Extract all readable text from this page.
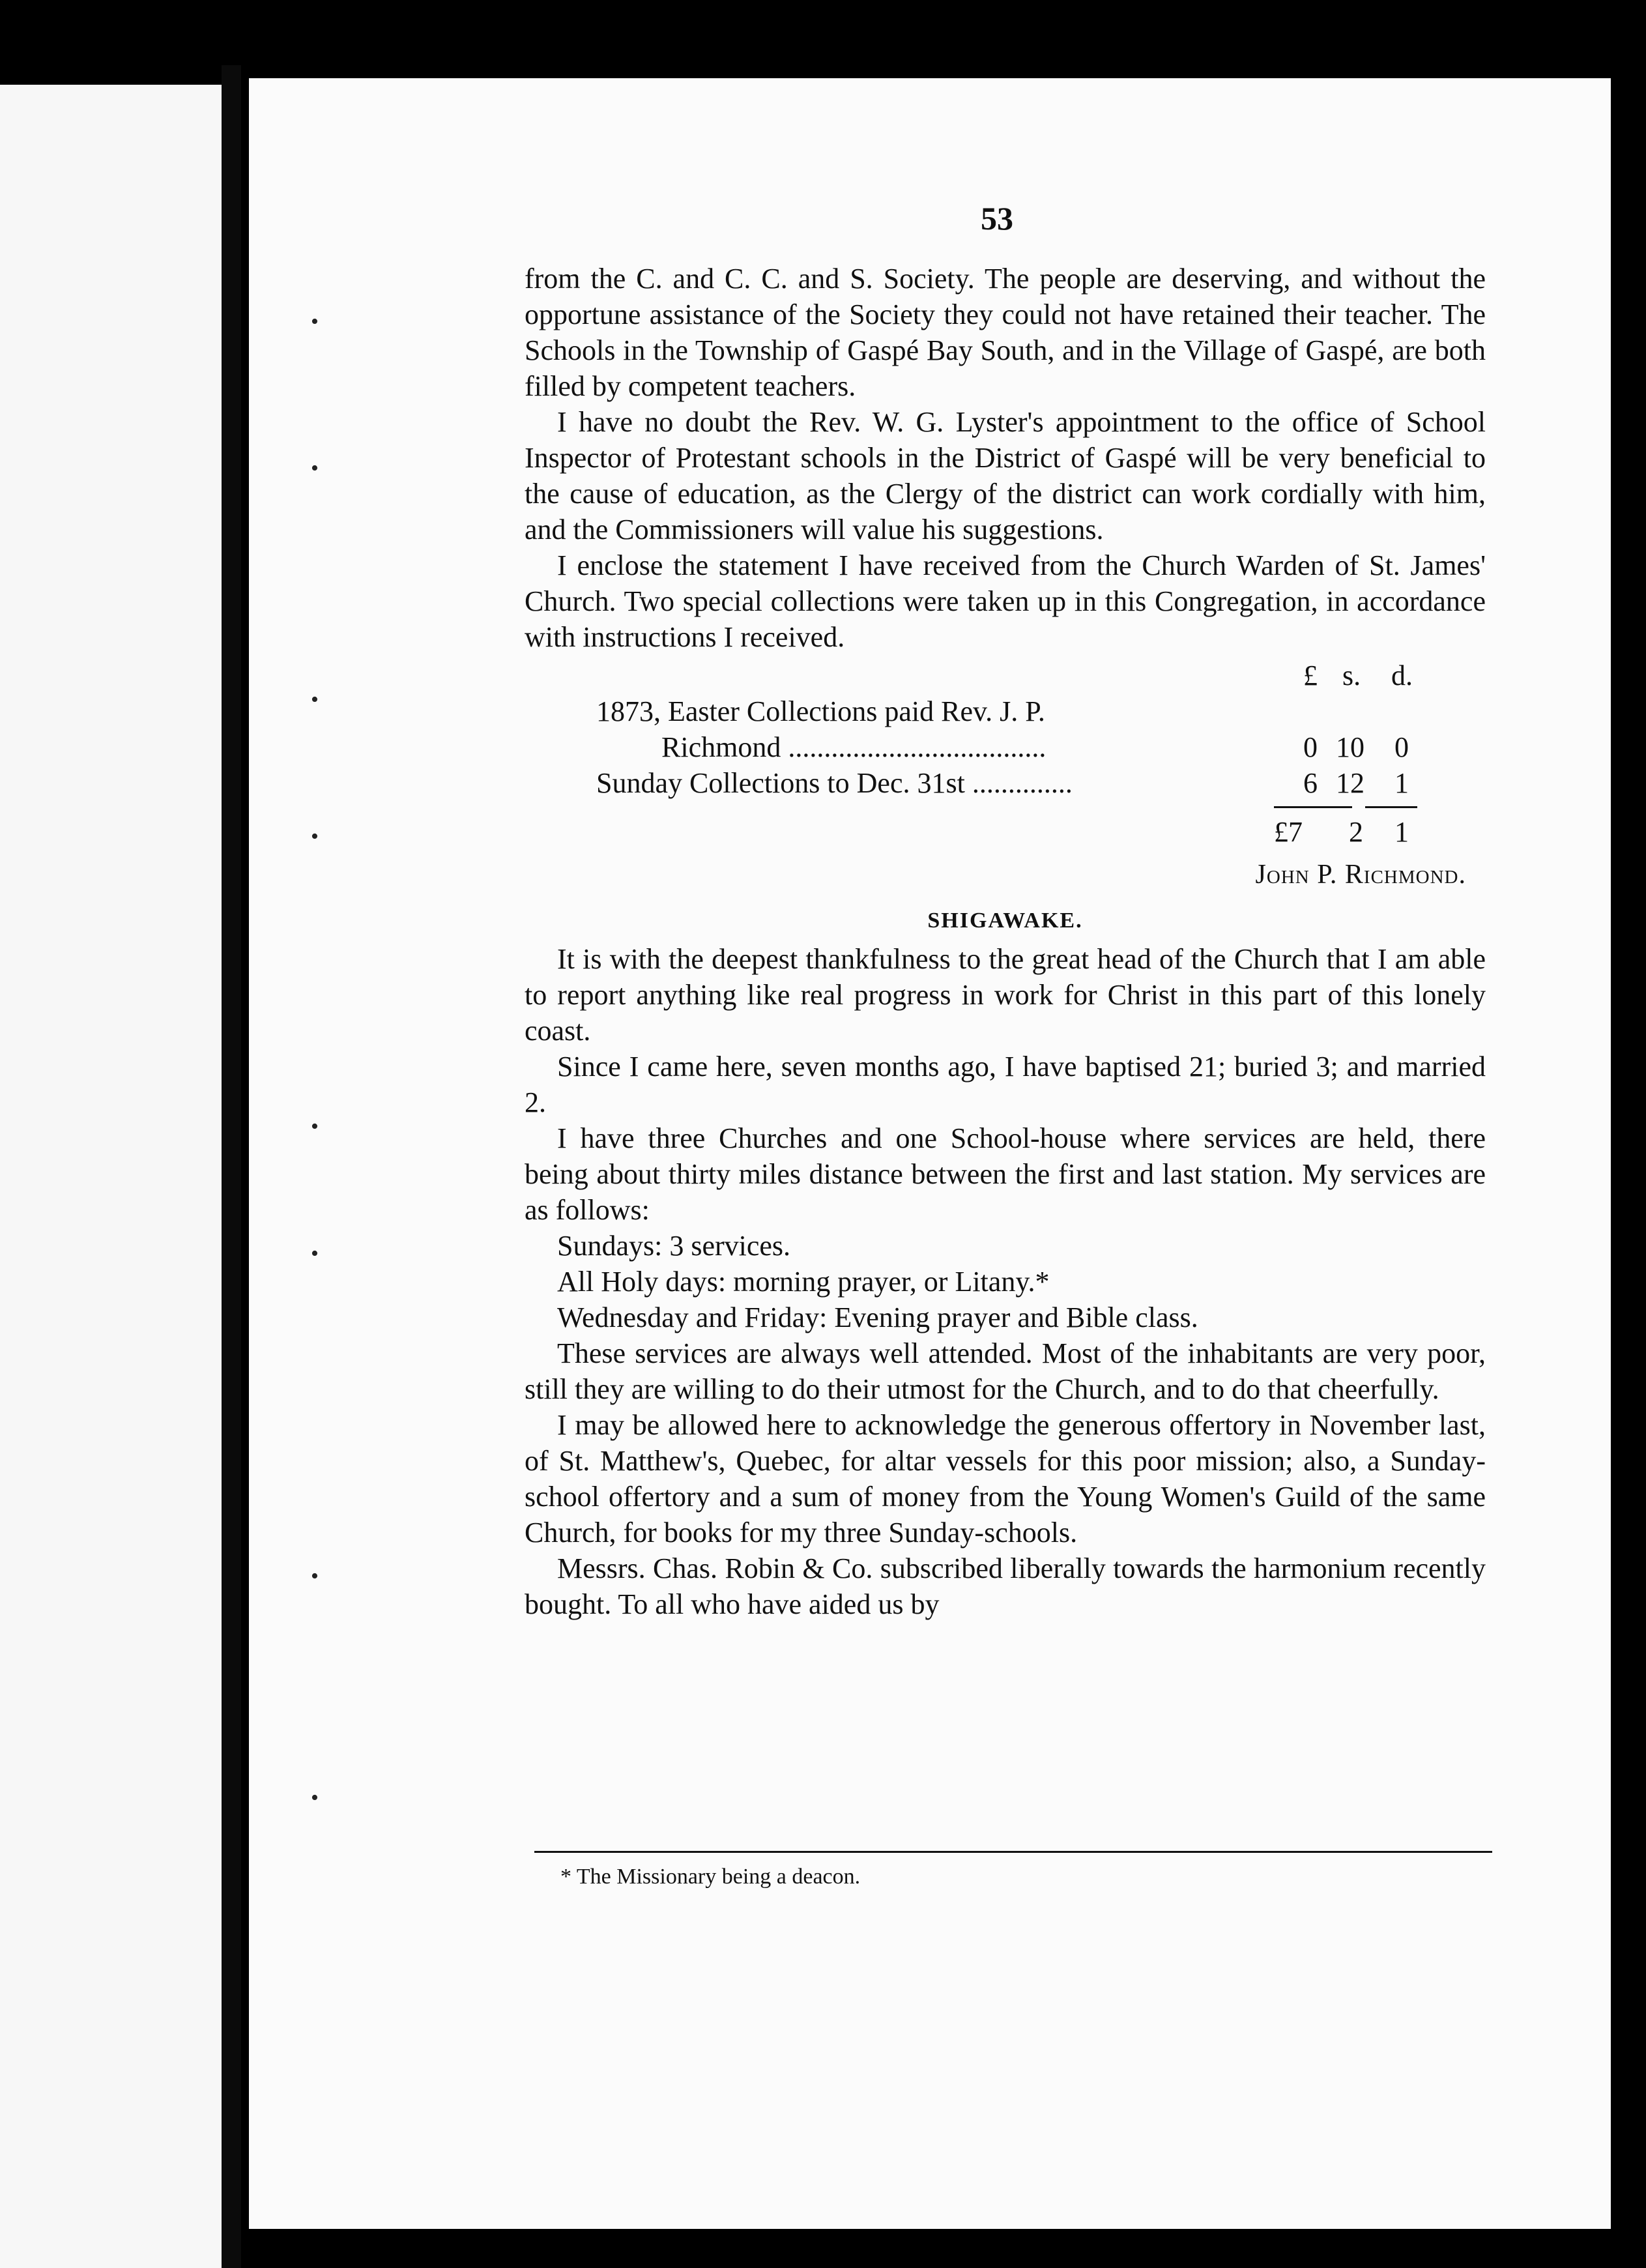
•
•
•
•
•
•
•
•
53

from the C. and C. C. and S. Society. The people are deserving, and without the opportune assistance of the Society they could not have retained their teacher. The Schools in the Township of Gaspé Bay South, and in the Village of Gaspé, are both filled by competent teachers.

I have no doubt the Rev. W. G. Lyster's appointment to the office of School Inspector of Protestant schools in the District of Gaspé will be very beneficial to the cause of education, as the Clergy of the district can work cordially with him, and the Commissioners will value his suggestions.

I enclose the statement I have received from the Church Warden of St. James' Church. Two special collections were taken up in this Congregation, in accordance with instructions I received.

£ s. d.
1873, Easter Collections paid Rev. J. P.
Richmond ....................................	0 10 0
Sunday Collections to Dec. 31st ..............	6 12 1
£7 2 1
John P. Richmond.
SHIGAWAKE.

It is with the deepest thankfulness to the great head of the Church that I am able to report anything like real progress in work for Christ in this part of this lonely coast.

Since I came here, seven months ago, I have baptised 21; buried 3; and married 2.

I have three Churches and one School-house where services are held, there being about thirty miles distance between the first and last station. My services are as follows:

Sundays: 3 services.

All Holy days: morning prayer, or Litany.*

Wednesday and Friday: Evening prayer and Bible class.

These services are always well attended. Most of the inhabitants are very poor, still they are willing to do their utmost for the Church, and to do that cheerfully.

I may be allowed here to acknowledge the generous offertory in November last, of St. Matthew's, Quebec, for altar vessels for this poor mission; also, a Sunday-school offertory and a sum of money from the Young Women's Guild of the same Church, for books for my three Sunday-schools.

Messrs. Chas. Robin & Co. subscribed liberally towards the harmonium recently bought. To all who have aided us by

* The Missionary being a deacon.
